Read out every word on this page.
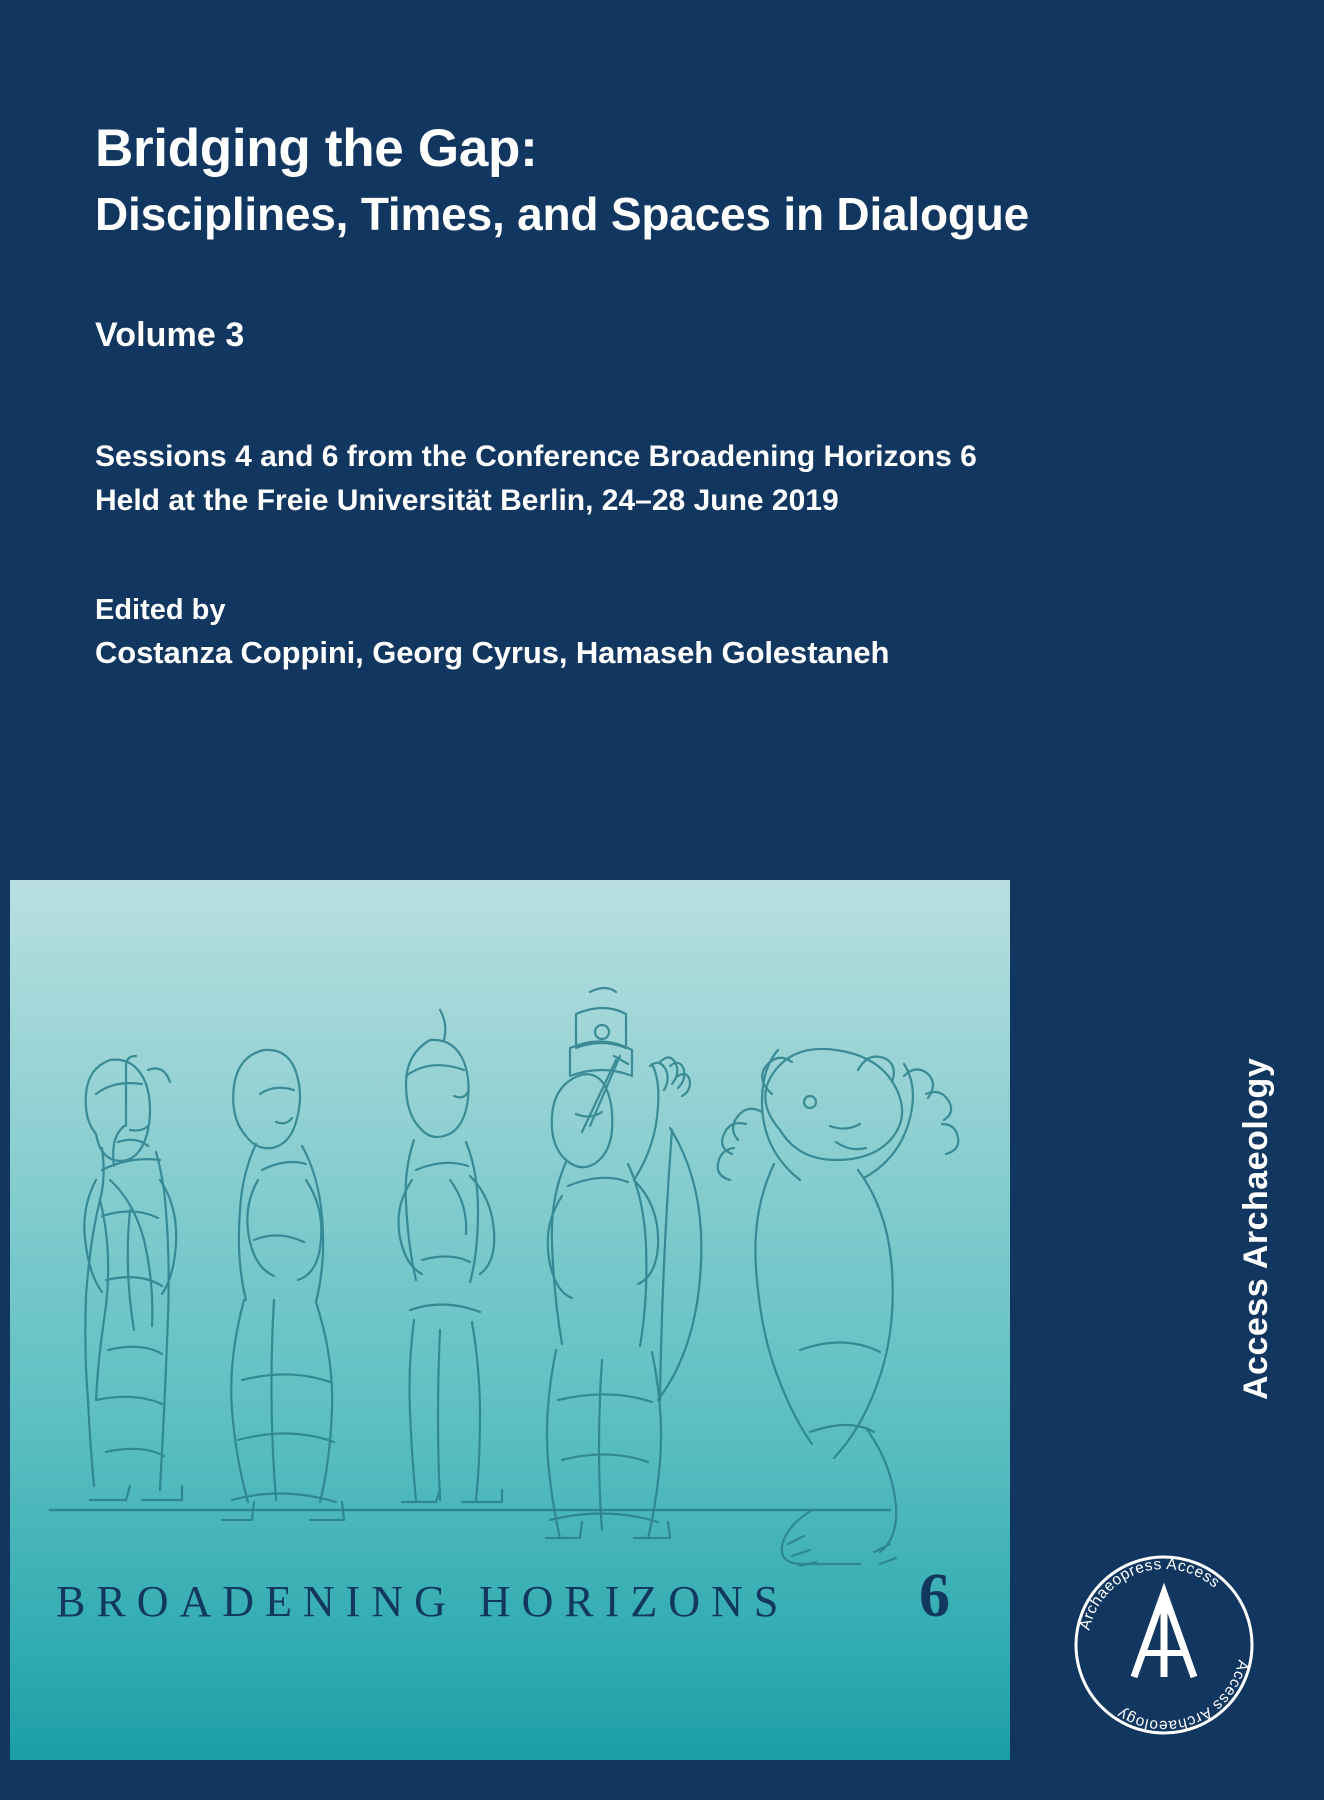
Bridging the Gap:
Disciplines, Times, and Spaces in Dialogue
Volume 3
Sessions 4 and 6 from the Conference Broadening Horizons 6 Held at the Freie Universität Berlin, 24–28 June 2019
Edited by
Costanza Coppini, Georg Cyrus, Hamaseh Golestaneh
BROADENING HORIZONS 6
Access Archaeology
Archaeopress Access
Access Archaeology
